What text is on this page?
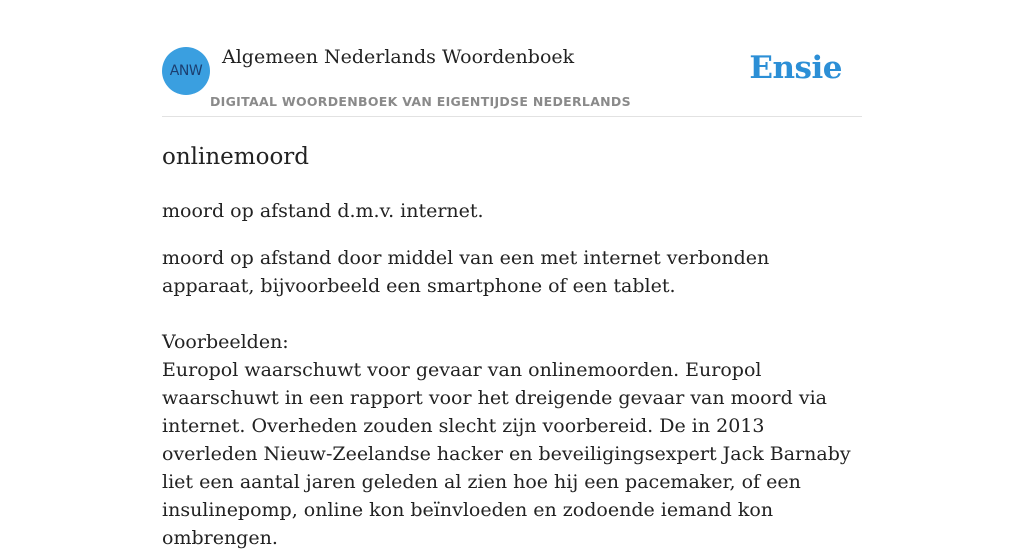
ANW
Algemeen Nederlands Woordenboek
DIGITAAL WOORDENBOEK VAN EIGENTIJDSE NEDERLANDS
Ensie
onlinemoord

moord op afstand d.m.v. internet.

moord op afstand door middel van een met internet verbonden apparaat, bijvoorbeeld een smartphone of een tablet.

Voorbeelden:
Europol waarschuwt voor gevaar van onlinemoorden. Europol waarschuwt in een rapport voor het dreigende gevaar van moord via internet. Overheden zouden slecht zijn voorbereid. De in 2013 overleden Nieuw-Zeelandse hacker en beveiligingsexpert Jack Barnaby liet een aantal jaren geleden al zien hoe hij een pacemaker, of een insulinepomp, online kon beïnvloeden en zodoende iemand kon ombrengen.
